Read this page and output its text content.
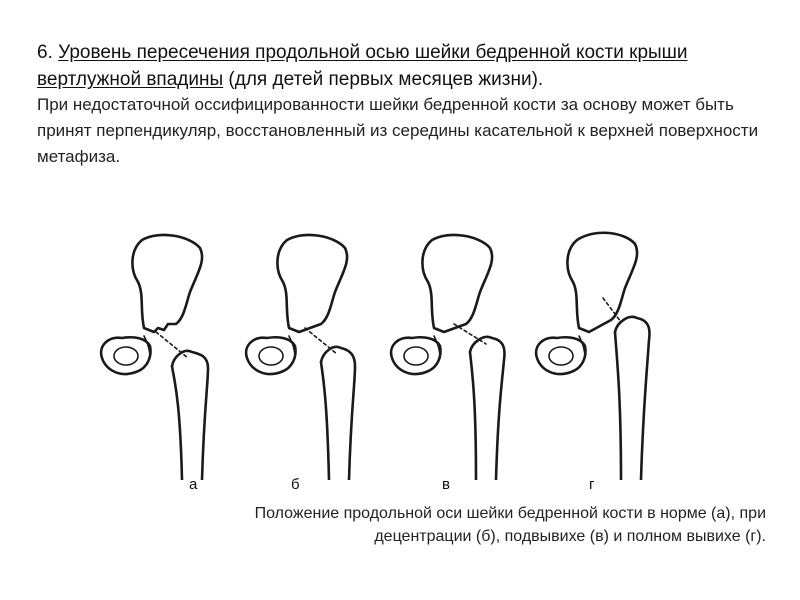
6. Уровень пересечения продольной осью шейки бедренной кости крыши вертлужной впадины (для детей первых месяцев жизни).

При недостаточной оссифицированности шейки бедренной кости за основу может быть принят перпендикуляр, восстановленный из середины касательной к верхней поверхности метафиза.

а	б	в	г

Положение продольной оси шейки бедренной кости в норме (а), при децентрации (б), подвывихе (в) и полном вывихе (г).
